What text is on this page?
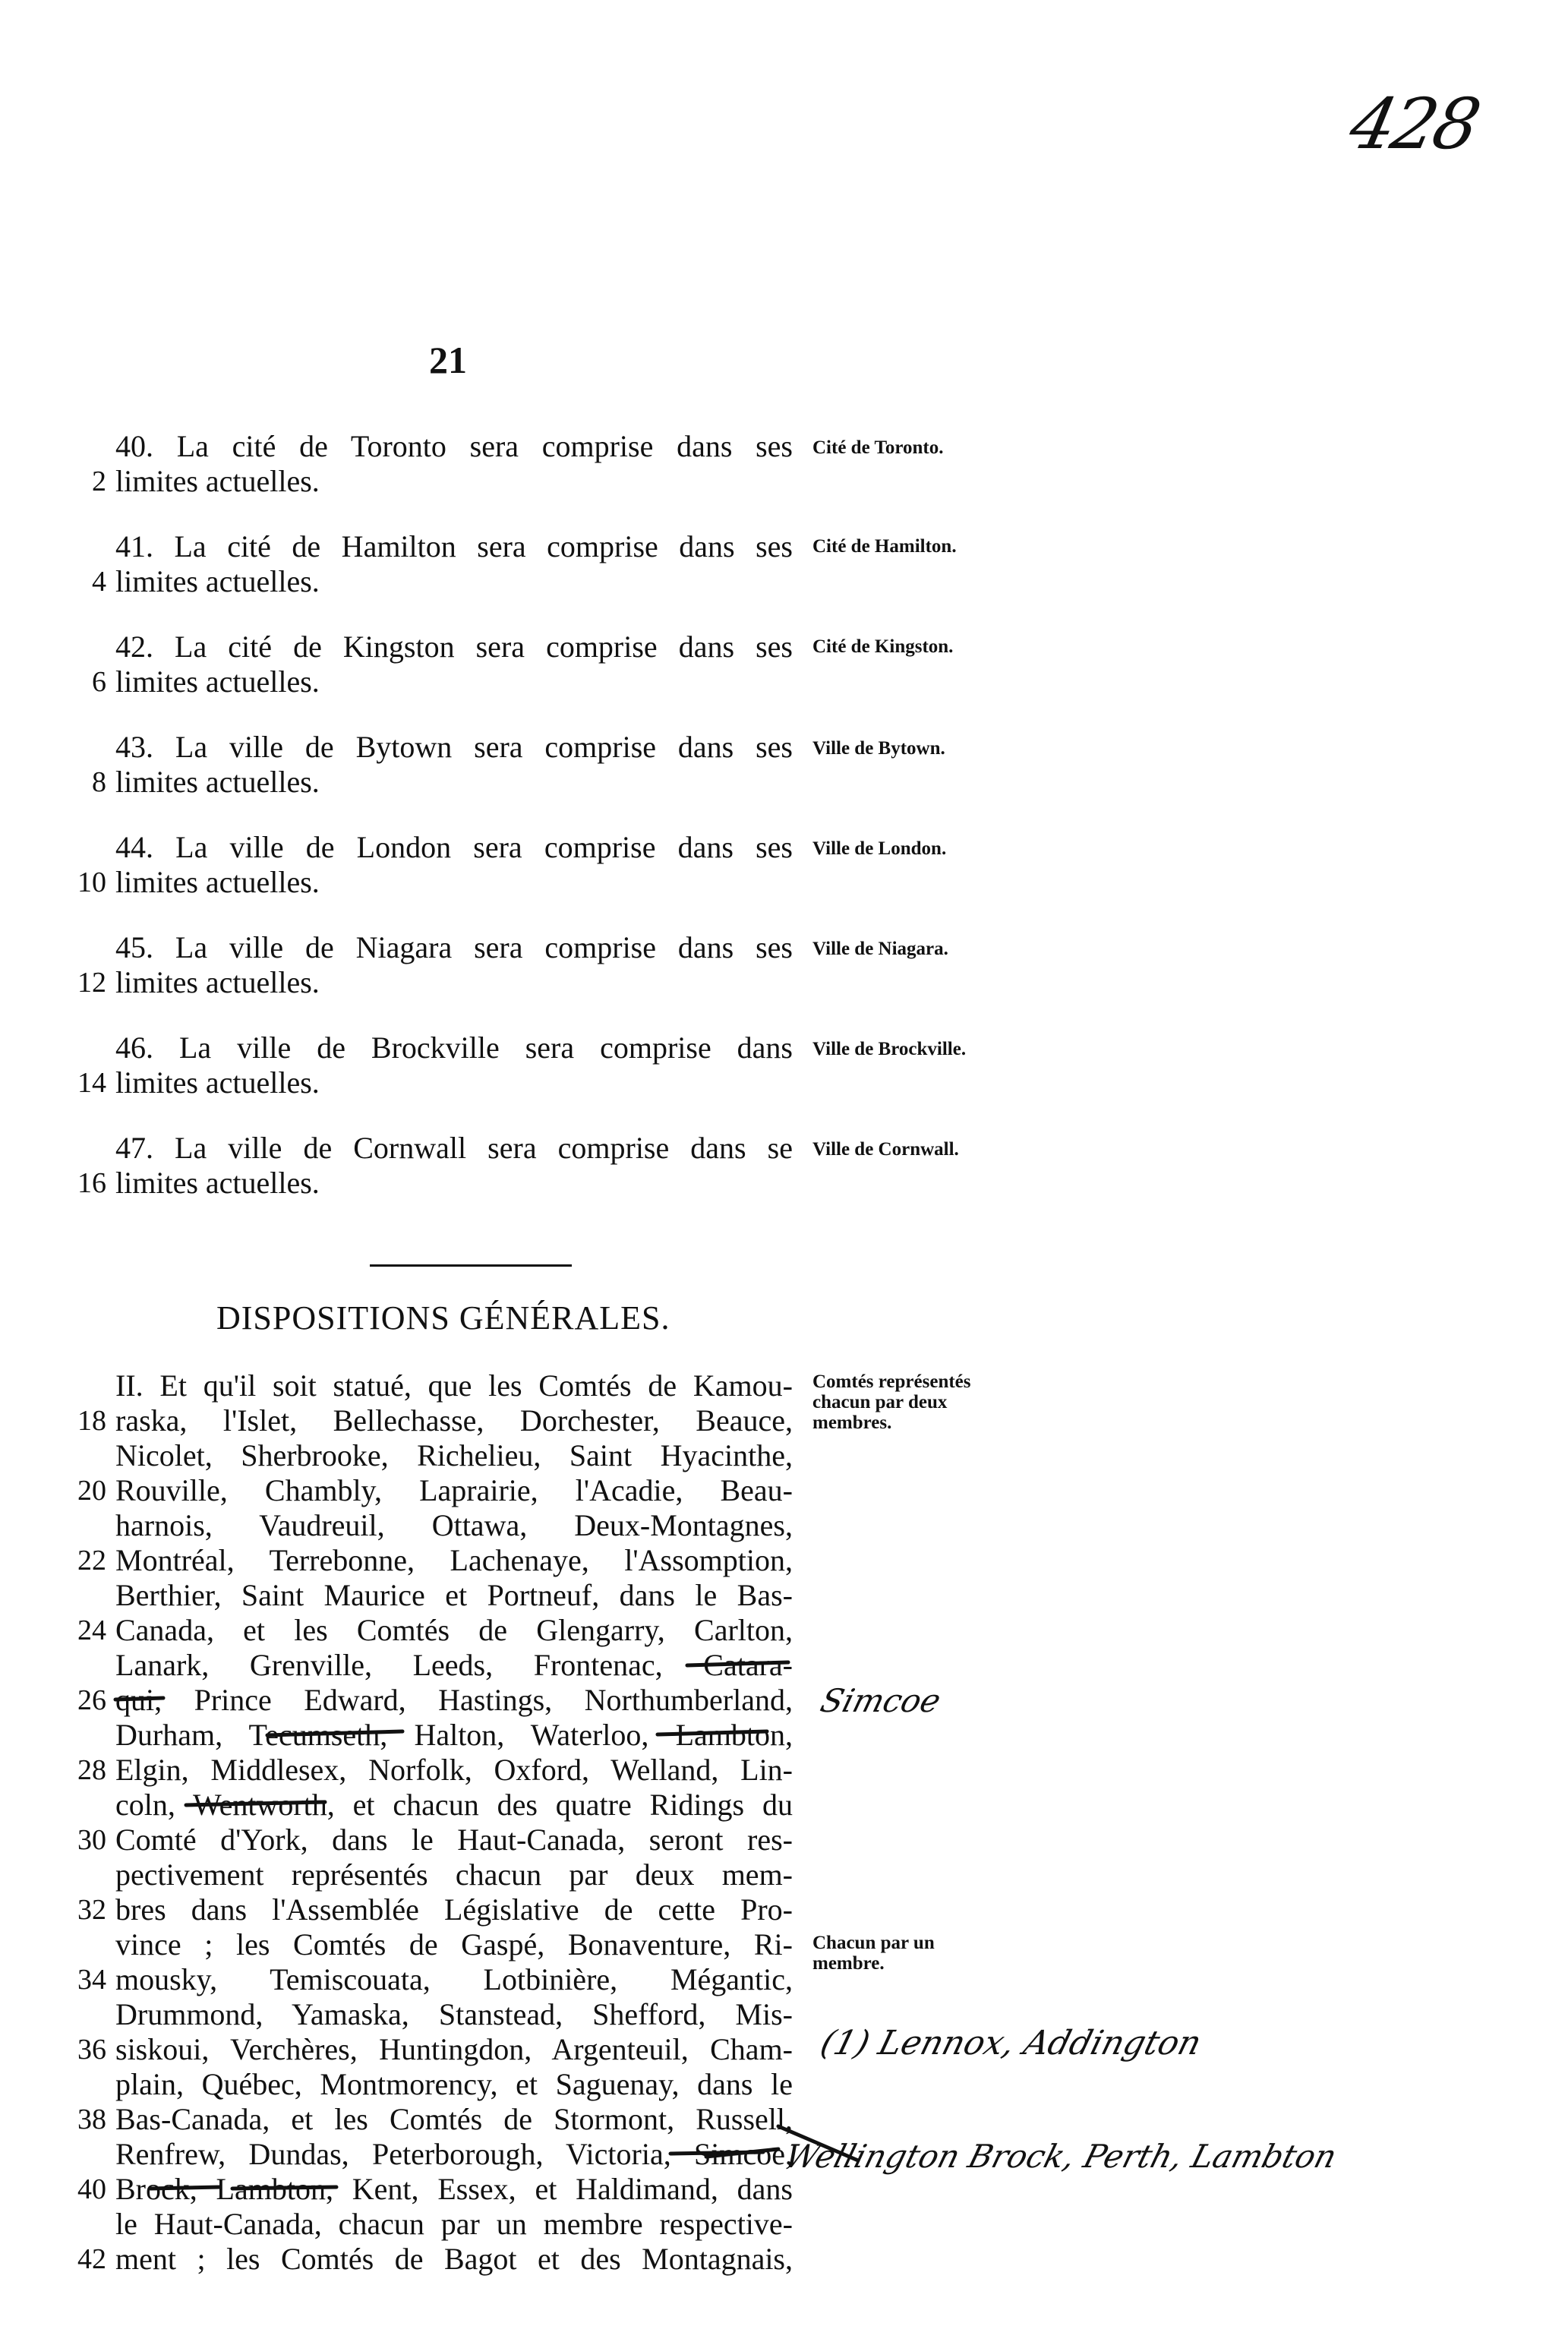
428
21
40. La cité de Toronto sera comprise dans ses
2 limites actuelles.
Cité de Toronto.
41. La cité de Hamilton sera comprise dans ses
4 limites actuelles.
Cité de Hamilton.
42. La cité de Kingston sera comprise dans ses
6 limites actuelles.
Cité de Kingston.
43. La ville de Bytown sera comprise dans ses
8 limites actuelles.
Ville de Bytown.
44. La ville de London sera comprise dans ses
10 limites actuelles.
Ville de London.
45. La ville de Niagara sera comprise dans ses
12 limites actuelles.
Ville de Niagara.
46. La ville de Brockville sera comprise dans
14 limites actuelles.
Ville de Brockville.
47. La ville de Cornwall sera comprise dans se
16 limites actuelles.
Ville de Cornwall.
DISPOSITIONS GÉNÉRALES.
II. Et qu'il soit statué, que les Comtés de Kamou-
raska, l'Islet, Bellechasse, Dorchester, Beauce,
Nicolet, Sherbrooke, Richelieu, Saint Hyacinthe,
Rouville, Chambly, Laprairie, l'Acadie, Beau-
harnois, Vaudreuil, Ottawa, Deux-Montagnes,
Montréal, Terrebonne, Lachenaye, l'Assomption,
Berthier, Saint Maurice et Portneuf, dans le Bas-
Canada, et les Comtés de Glengarry, Carlton,
Lanark, Grenville, Leeds, Frontenac, Catara-
qui, Prince Edward, Hastings, Northumberland,
Durham, Tecumseth, Halton, Waterloo, Lambton,
Elgin, Middlesex, Norfolk, Oxford, Welland, Lin-
coln, Wentworth, et chacun des quatre Ridings du
Comté d'York, dans le Haut-Canada, seront res-
pectivement représentés chacun par deux mem-
bres dans l'Assemblée Législative de cette Pro-
vince ; les Comtés de Gaspé, Bonaventure, Ri-
mousky, Temiscouata, Lotbinière, Mégantic,
Drummond, Yamaska, Stanstead, Shefford, Mis-
siskoui, Verchères, Huntingdon, Argenteuil, Cham-
plain, Québec, Montmorency, et Saguenay, dans le
Bas-Canada, et les Comtés de Stormont, Russell,
Renfrew, Dundas, Peterborough, Victoria, Simcoe,
Brock, Lambton, Kent, Essex, et Haldimand, dans
le Haut-Canada, chacun par un membre respective-
ment ; les Comtés de Bagot et des Montagnais,
18
20
22
24
26
28
30
32
34
36
38
40
42
Comtés représentés chacun par deux membres.
Chacun par un membre.
Simcoe
(1) Lennox, Addington
Wellington Brock, Perth, Lambton
